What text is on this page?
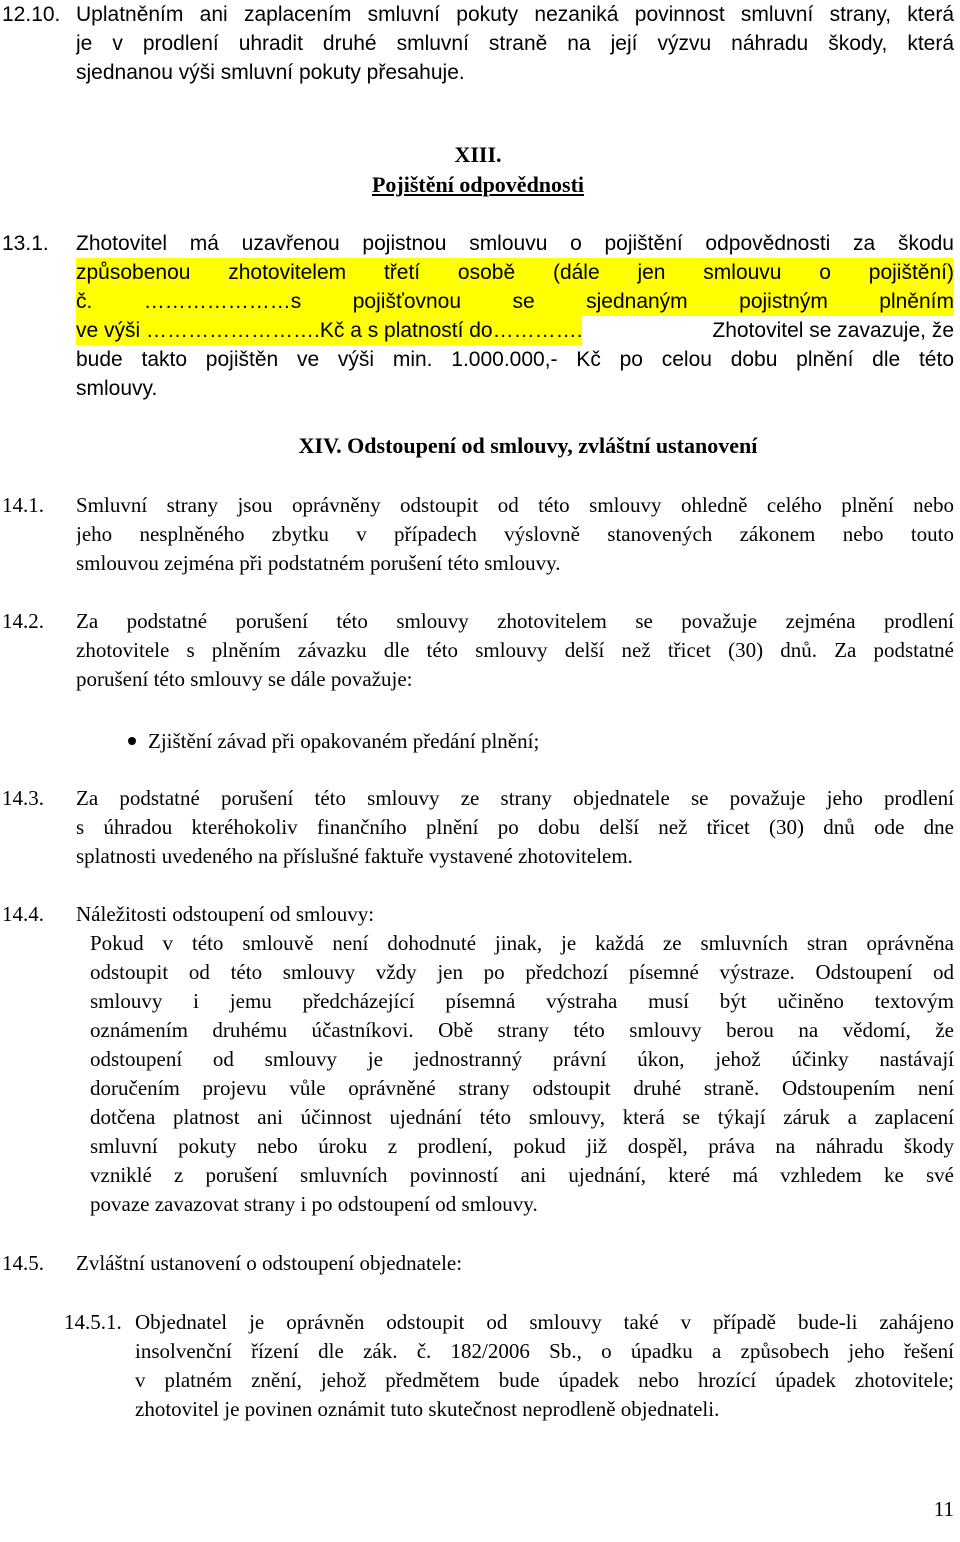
12.10. Uplatněním ani zaplacením smluvní pokuty nezaniká povinnost smluvní strany, která
je v prodlení uhradit druhé smluvní straně na její výzvu náhradu škody, která
sjednanou výši smluvní pokuty přesahuje.
XIII.
Pojištění odpovědnosti
13.1. Zhotovitel má uzavřenou pojistnou smlouvu o pojištění odpovědnosti za škodu
způsobenou zhotovitelem třetí osobě (dále jen smlouvu o pojištění)
č. …………………s pojišťovnou se sjednaným pojistným plněním
ve výši …………………….Kč a s platností do………….	Zhotovitel se zavazuje, že
bude takto pojištěn ve výši min. 1.000.000,- Kč po celou dobu plnění dle této
smlouvy.
XIV. Odstoupení od smlouvy, zvláštní ustanovení
14.1. Smluvní strany jsou oprávněny odstoupit od této smlouvy ohledně celého plnění nebo
jeho nesplněného zbytku v případech výslovně stanovených zákonem nebo touto
smlouvou zejména při podstatném porušení této smlouvy.
14.2. Za podstatné porušení této smlouvy zhotovitelem se považuje zejména prodlení
zhotovitele s plněním závazku dle této smlouvy delší než třicet (30) dnů. Za podstatné
porušení této smlouvy se dále považuje:
Zjištění závad při opakovaném předání plnění;
14.3. Za podstatné porušení této smlouvy ze strany objednatele se považuje jeho prodlení
s úhradou kteréhokoliv finančního plnění po dobu delší než třicet (30) dnů ode dne
splatnosti uvedeného na příslušné faktuře vystavené zhotovitelem.
14.4. Náležitosti odstoupení od smlouvy:
Pokud v této smlouvě není dohodnuté jinak, je každá ze smluvních stran oprávněna
odstoupit od této smlouvy vždy jen po předchozí písemné výstraze. Odstoupení od
smlouvy i jemu předcházející písemná výstraha musí být učiněno textovým
oznámením druhému účastníkovi. Obě strany této smlouvy berou na vědomí, že
odstoupení od smlouvy je jednostranný právní úkon, jehož účinky nastávají
doručením projevu vůle oprávněné strany odstoupit druhé straně. Odstoupením není
dotčena platnost ani účinnost ujednání této smlouvy, která se týkají záruk a zaplacení
smluvní pokuty nebo úroku z prodlení, pokud již dospěl, práva na náhradu škody
vzniklé z porušení smluvních povinností ani ujednání, které má vzhledem ke své
povaze zavazovat strany i po odstoupení od smlouvy.
14.5. Zvláštní ustanovení o odstoupení objednatele:
14.5.1. Objednatel je oprávněn odstoupit od smlouvy také v případě bude-li zahájeno
insolvenční řízení dle zák. č. 182/2006 Sb., o úpadku a způsobech jeho řešení
v platném znění, jehož předmětem bude úpadek nebo hrozící úpadek zhotovitele;
zhotovitel je povinen oznámit tuto skutečnost neprodleně objednateli.
11
